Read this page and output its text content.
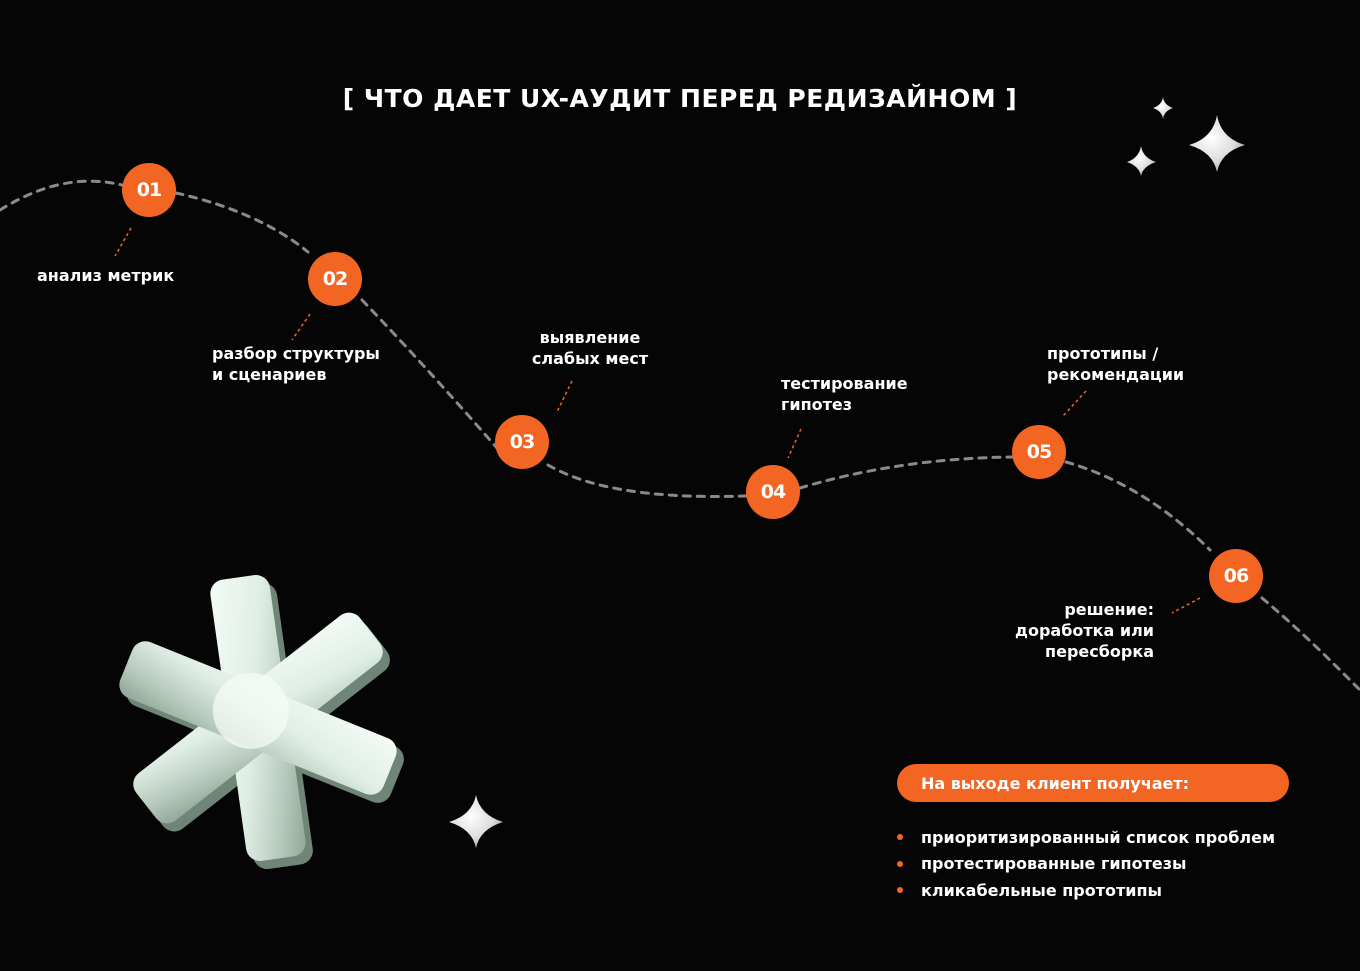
[ ЧТО ДАЕТ UX-АУДИТ ПЕРЕД РЕДИЗАЙНОМ ]
01
02
03
04
05
06
анализ метрик
разбор структуры
и сценариев
выявление
слабых мест
тестирование
гипотез
прототипы /
рекомендации
решение:
доработка или
пересборка
На выходе клиент получает:
приоритизированный список проблем
протестированные гипотезы
кликабельные прототипы
